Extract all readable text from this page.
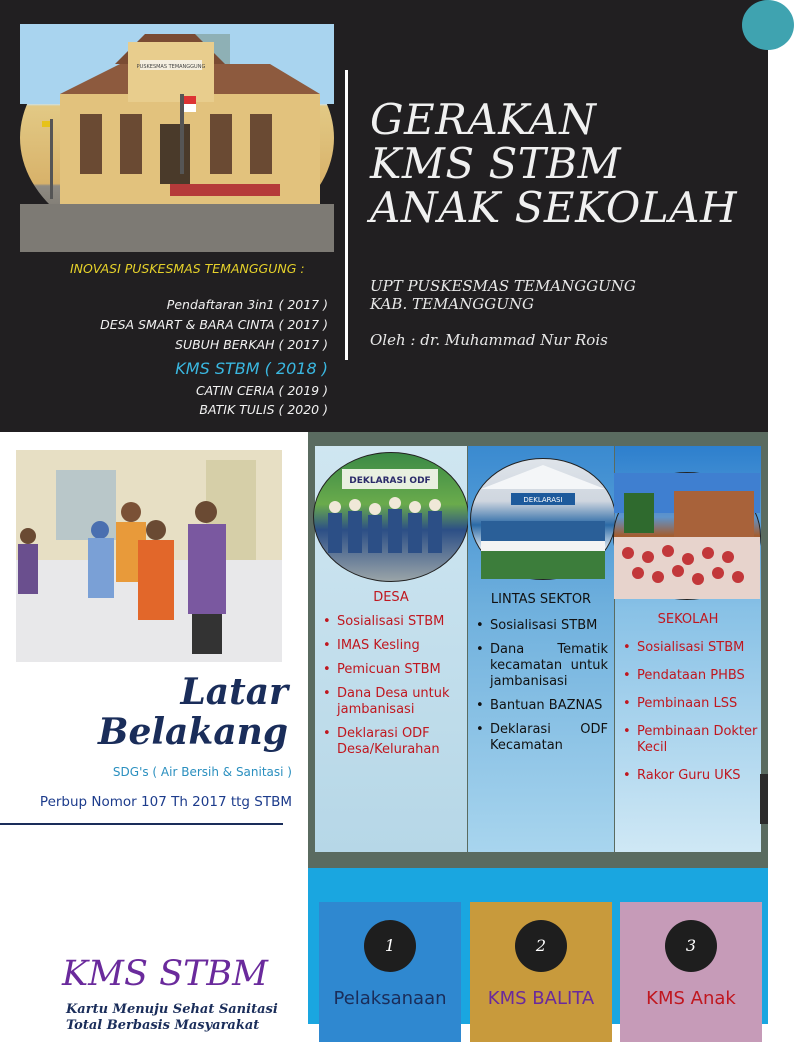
PUSKESMAS TEMANGGUNG
GERAKAN
KMS STBM
ANAK SEKOLAH
UPT PUSKESMAS TEMANGGUNG
KAB. TEMANGGUNG
Oleh : dr. Muhammad Nur Rois
INOVASI PUSKESMAS TEMANGGUNG :
Pendaftaran 3in1 ( 2017 )
DESA SMART & BARA CINTA ( 2017 )
SUBUH BERKAH ( 2017 )
KMS STBM ( 2018 )
CATIN CERIA ( 2019 )
BATIK TULIS ( 2020 )
Latar
Belakang
SDG's ( Air Bersih & Sanitasi )
Perbup Nomor 107 Th 2017 ttg STBM
DEKLARASI ODF
DESA
• Sosialisasi STBM
• IMAS Kesling
• Pemicuan STBM
• Dana Desa untuk jambanisasi
• Deklarasi ODF Desa/Kelurahan
DEKLARASI
LINTAS SEKTOR
• Sosialisasi STBM
• Dana Tematik kecamatan untuk jambanisasi
• Bantuan BAZNAS
• Deklarasi ODF Kecamatan
SEKOLAH
• Sosialisasi STBM
• Pendataan PHBS
• Pembinaan LSS
• Pembinaan Dokter Kecil
• Rakor Guru UKS
KMS STBM
Kartu Menuju Sehat Sanitasi
Total Berbasis Masyarakat
1
Pelaksanaan
2
KMS BALITA
3
KMS Anak
